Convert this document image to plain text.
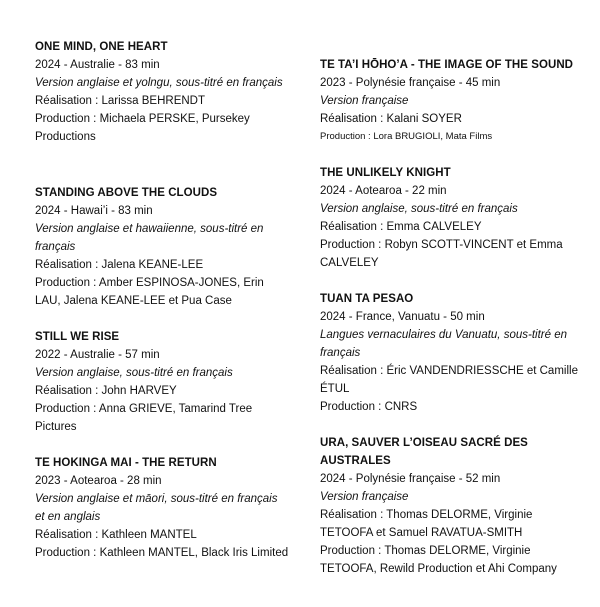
ONE MIND, ONE HEART

2024 - Australie - 83 min

Version anglaise et yolngu, sous-titré en français

Réalisation : Larissa BEHRENDT

Production : Michaela PERSKE, Pursekey Productions

STANDING ABOVE THE CLOUDS

2024 - Hawai’i - 83 min

Version anglaise et hawaiienne, sous-titré en français

Réalisation : Jalena KEANE-LEE

Production : Amber ESPINOSA-JONES, Erin LAU, Jalena KEANE-LEE et Pua Case

STILL WE RISE

2022 - Australie - 57 min

Version anglaise, sous-titré en français

Réalisation : John HARVEY

Production : Anna GRIEVE, Tamarind Tree Pictures

TE HOKINGA MAI - THE RETURN

2023 - Aotearoa - 28 min

Version anglaise et māori, sous-titré en français et en anglais

Réalisation : Kathleen MANTEL

Production : Kathleen MANTEL, Black Iris Limited

TE TA’I HŌHO’A - THE IMAGE OF THE SOUND

2023 - Polynésie française - 45 min

Version française

Réalisation : Kalani SOYER

Production : Lora BRUGIOLI, Mata Films

THE UNLIKELY KNIGHT

2024 - Aotearoa - 22 min

Version anglaise, sous-titré en français

Réalisation : Emma CALVELEY

Production : Robyn SCOTT-VINCENT et Emma CALVELEY

TUAN TA PESAO

2024 - France, Vanuatu - 50 min

Langues vernaculaires du Vanuatu, sous-titré en français

Réalisation : Éric VANDENDRIESSCHE et Camille ÉTUL

Production : CNRS

URA, SAUVER L’OISEAU SACRÉ DES AUSTRALES

2024 - Polynésie française - 52 min

Version française

Réalisation : Thomas DELORME, Virginie TETOOFA et Samuel RAVATUA-SMITH

Production : Thomas DELORME, Virginie TETOOFA, Rewild Production et Ahi Company
